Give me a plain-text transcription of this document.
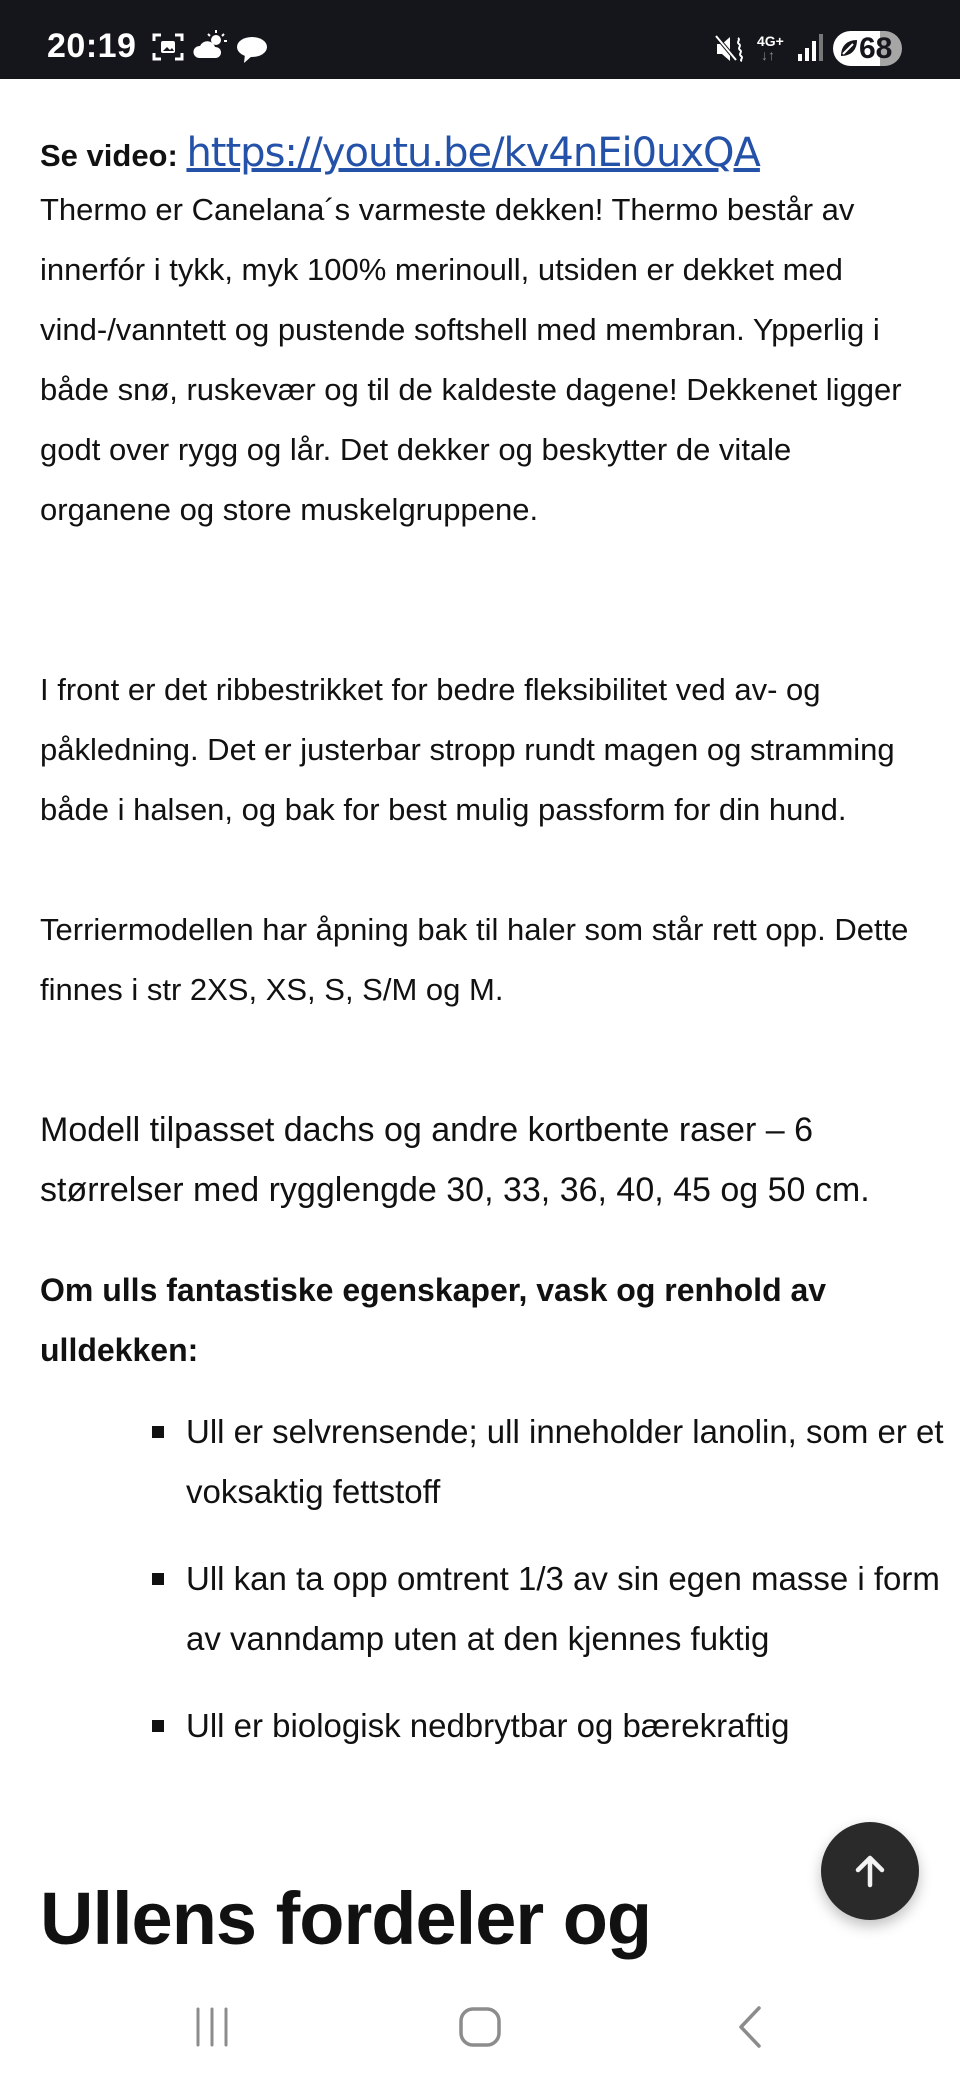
20:19	4G+
↓↑	68
Se video: https://youtu.be/kv4nEi0uxQA

Thermo er Canelana´s varmeste dekken! Thermo består av innerfór i tykk, myk 100% merinoull, utsiden er dekket med vind-/vanntett og pustende softshell med membran. Ypperlig i både snø, ruskevær og til de kaldeste dagene! Dekkenet ligger godt over rygg og lår. Det dekker og beskytter de vitale organene og store muskelgruppene.

I front er det ribbestrikket for bedre fleksibilitet ved av- og påkledning. Det er justerbar stropp rundt magen og stramming både i halsen, og bak for best mulig passform for din hund.

Terriermodellen har åpning bak til haler som står rett opp. Dette finnes i str 2XS, XS, S, S/M og M.

Modell tilpasset dachs og andre kortbente raser – 6 størrelser med rygglengde 30, 33, 36, 40, 45 og 50 cm.

Om ulls fantastiske egenskaper, vask og renhold av ulldekken:

Ull er selvrensende; ull inneholder lanolin, som er et voksaktig fettstoff
Ull kan ta opp omtrent 1/3 av sin egen masse i form av vanndamp uten at den kjennes fuktig
Ull er biologisk nedbrytbar og bærekraftig
Ullens fordeler og
